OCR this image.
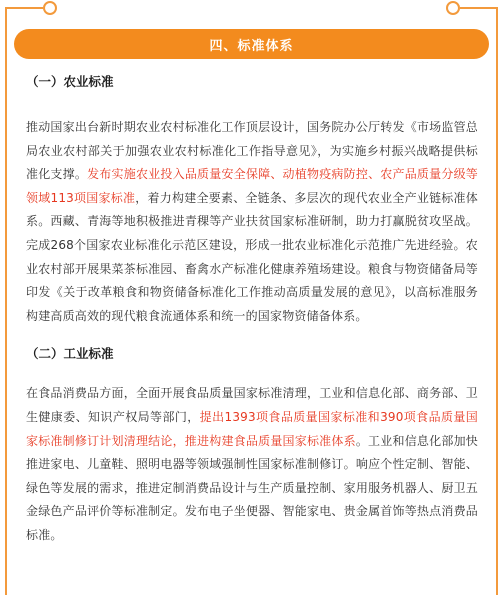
四、标准体系
（一）农业标准

推动国家出台新时期农业农村标准化工作顶层设计，国务院办公厅转发《市场监管总局农业农村部关于加强农业农村标准化工作指导意见》，为实施乡村振兴战略提供标准化支撑。发布实施农业投入品质量安全保障、动植物疫病防控、农产品质量分级等领域113项国家标准，着力构建全要素、全链条、多层次的现代农业全产业链标准体系。西藏、青海等地积极推进青稞等产业扶贫国家标准研制，助力打赢脱贫攻坚战。完成268个国家农业标准化示范区建设，形成一批农业标准化示范推广先进经验。农业农村部开展果菜茶标准园、畜禽水产标准化健康养殖场建设。粮食与物资储备局等印发《关于改革粮食和物资储备标准化工作推动高质量发展的意见》，以高标准服务构建高质高效的现代粮食流通体系和统一的国家物资储备体系。

（二）工业标准

在食品消费品方面，全面开展食品质量国家标准清理，工业和信息化部、商务部、卫生健康委、知识产权局等部门，提出1393项食品质量国家标准和390项食品质量国家标准制修订计划清理结论，推进构建食品质量国家标准体系。工业和信息化部加快推进家电、儿童鞋、照明电器等领域强制性国家标准制修订。响应个性定制、智能、绿色等发展的需求，推进定制消费品设计与生产质量控制、家用服务机器人、厨卫五金绿色产品评价等标准制定。发布电子坐便器、智能家电、贵金属首饰等热点消费品标准。
